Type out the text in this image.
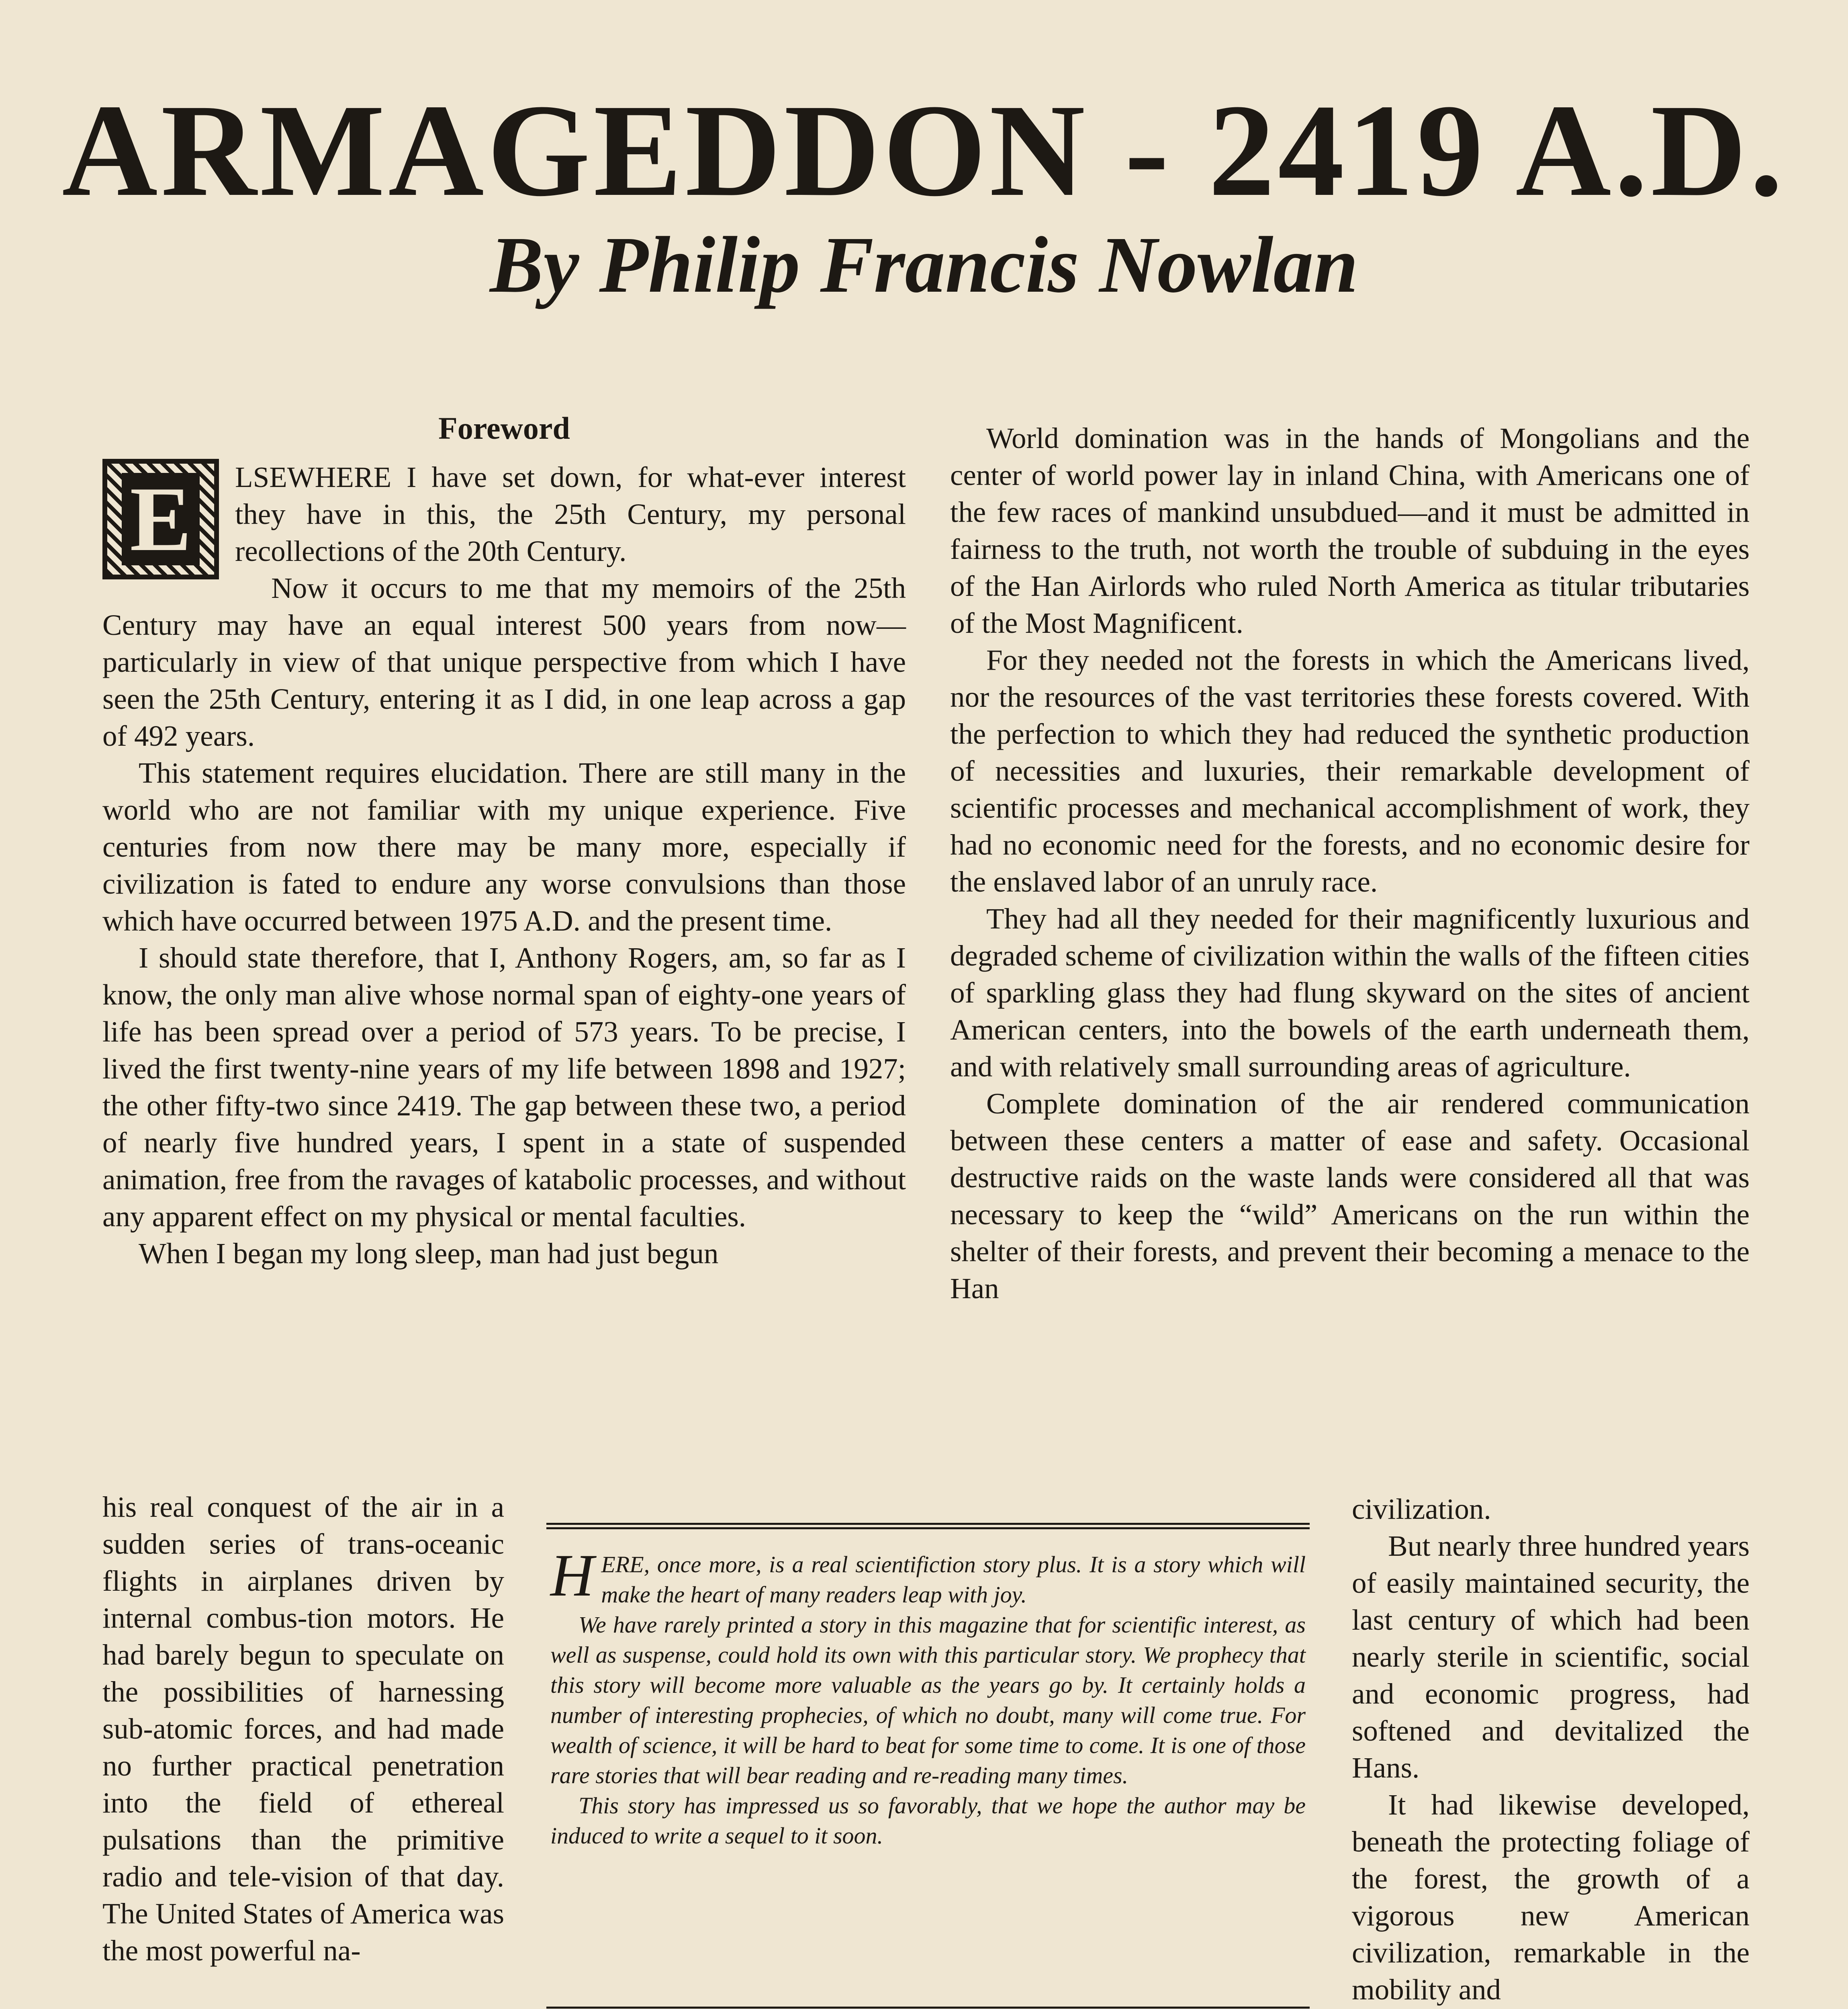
ARMAGEDDON - 2419 A.D.
By Philip Francis Nowlan
Foreword
E	LSEWHERE I have set down, for what-ever interest they have in this, the 25th Century, my personal recollections of the 20th Century.

Now it occurs to me that my memoirs of the 25th Century may have an equal interest 500 years from now—particularly in view of that unique perspective from which I have seen the 25th Century, entering it as I did, in one leap across a gap of 492 years.

This statement requires elucidation. There are still many in the world who are not familiar with my unique experience. Five centuries from now there may be many more, especially if civilization is fated to endure any worse convulsions than those which have occurred between 1975 A.D. and the present time.

I should state therefore, that I, Anthony Rogers, am, so far as I know, the only man alive whose normal span of eighty-one years of life has been spread over a period of 573 years. To be precise, I lived the first twenty-nine years of my life between 1898 and 1927; the other fifty-two since 2419. The gap between these two, a period of nearly five hundred years, I spent in a state of suspended animation, free from the ravages of katabolic processes, and without any apparent effect on my physical or mental faculties.

When I began my long sleep, man had just begun

his real conquest of the air in a sudden series of trans-oceanic flights in airplanes driven by internal combus-tion motors. He had barely begun to speculate on the possibilities of harnessing sub-atomic forces, and had made no further practical penetration into the field of ethereal pulsations than the primitive radio and tele-vision of that day. The United States of America was the most powerful na-

World domination was in the hands of Mongolians and the center of world power lay in inland China, with Americans one of the few races of mankind unsubdued—and it must be admitted in fairness to the truth, not worth the trouble of subduing in the eyes of the Han Airlords who ruled North America as titular tributaries of the Most Magnificent.

For they needed not the forests in which the Americans lived, nor the resources of the vast territories these forests covered. With the perfection to which they had reduced the synthetic production of necessities and luxuries, their remarkable development of scientific processes and mechanical accomplishment of work, they had no economic need for the forests, and no economic desire for the enslaved labor of an unruly race.

They had all they needed for their magnificently luxurious and degraded scheme of civilization within the walls of the fifteen cities of sparkling glass they had flung skyward on the sites of ancient American centers, into the bowels of the earth underneath them, and with relatively small surrounding areas of agriculture.

Complete domination of the air rendered communication between these centers a matter of ease and safety. Occasional destructive raids on the waste lands were considered all that was necessary to keep the “wild” Americans on the run within the shelter of their forests, and prevent their becoming a menace to the Han

civilization.

But nearly three hundred years of easily maintained security, the last century of which had been nearly sterile in scientific, social and economic progress, had softened and devitalized the Hans.

It had likewise developed, beneath the protecting foliage of the forest, the growth of a vigorous new American civilization, remarkable in the mobility and

HERE, once more, is a real scientifiction story plus. It is a story which will make the heart of many readers leap with joy.

We have rarely printed a story in this magazine that for scientific interest, as well as suspense, could hold its own with this particular story. We prophecy that this story will become more valuable as the years go by. It certainly holds a number of interesting prophecies, of which no doubt, many will come true. For wealth of science, it will be hard to beat for some time to come. It is one of those rare stories that will bear reading and re-reading many times.

This story has impressed us so favorably, that we hope the author may be induced to write a sequel to it soon.
